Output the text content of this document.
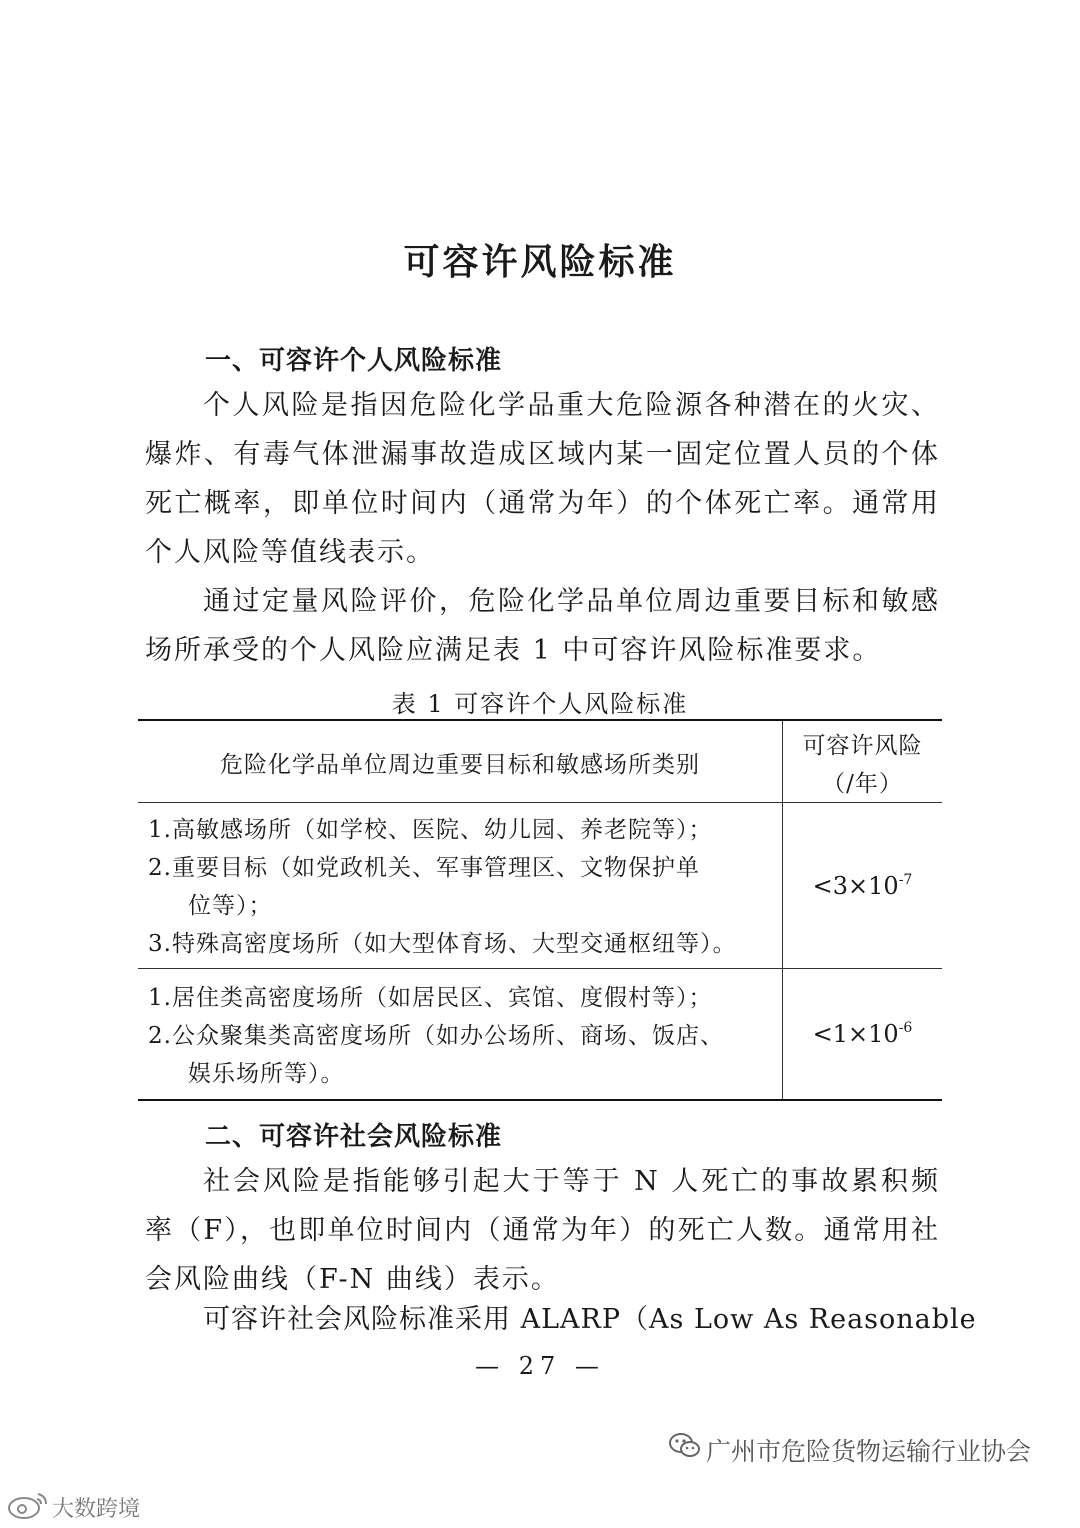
可容许风险标准
一、可容许个人风险标准
个人风险是指因危险化学品重大危险源各种潜在的火灾、爆炸、有毒气体泄漏事故造成区域内某一固定位置人员的个体死亡概率，即单位时间内（通常为年）的个体死亡率。通常用个人风险等值线表示。
通过定量风险评价，危险化学品单位周边重要目标和敏感场所承受的个人风险应满足表 1 中可容许风险标准要求。
表 1 可容许个人风险标准
危险化学品单位周边重要目标和敏感场所类别
可容许风险
（/年）
1.高敏感场所（如学校、医院、幼儿园、养老院等）；
2.重要目标（如党政机关、军事管理区、文物保护单
位等）；
3.特殊高密度场所（如大型体育场、大型交通枢纽等）。
$<3\times 10^{-7}$
1.居住类高密度场所（如居民区、宾馆、度假村等）；
2.公众聚集类高密度场所（如办公场所、商场、饭店、
娱乐场所等）。
$<1\times 10^{-6}$
二、可容许社会风险标准
社会风险是指能够引起大于等于 N 人死亡的事故累积频率（F），也即单位时间内（通常为年）的死亡人数。通常用社会风险曲线（F-N 曲线）表示。
可容许社会风险标准采用 ALARP（As Low As Reasonable
— 27 —
广州市危险货物运输行业协会
大数跨境
